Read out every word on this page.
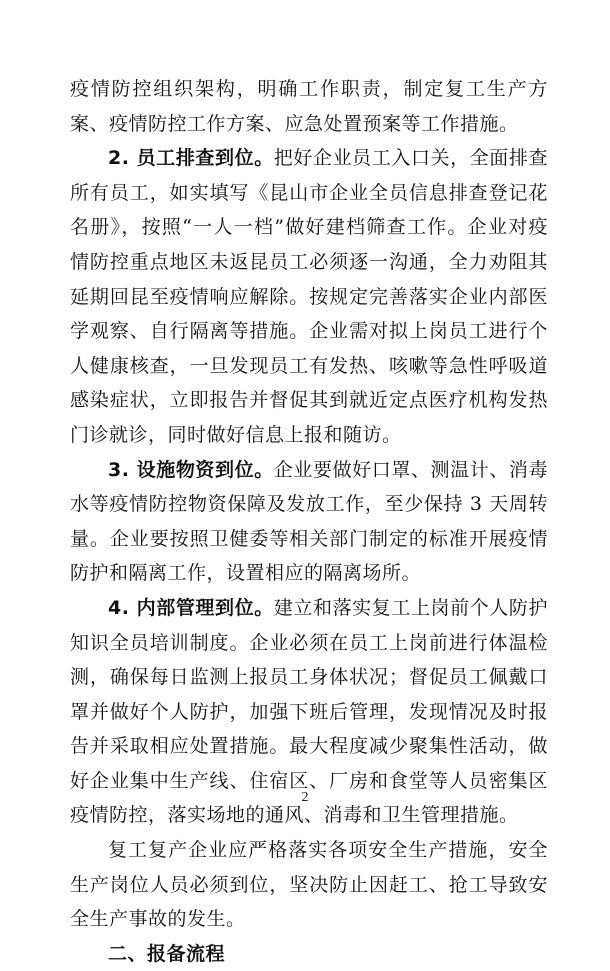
疫情防控组织架构，明确工作职责，制定复工生产方案、疫情防控工作方案、应急处置预案等工作措施。

2. 员工排查到位。把好企业员工入口关，全面排查所有员工，如实填写《昆山市企业全员信息排查登记花名册》，按照“一人一档”做好建档筛查工作。企业对疫情防控重点地区未返昆员工必须逐一沟通，全力劝阻其延期回昆至疫情响应解除。按规定完善落实企业内部医学观察、自行隔离等措施。企业需对拟上岗员工进行个人健康核查，一旦发现员工有发热、咳嗽等急性呼吸道感染症状，立即报告并督促其到就近定点医疗机构发热门诊就诊，同时做好信息上报和随访。

3. 设施物资到位。企业要做好口罩、测温计、消毒水等疫情防控物资保障及发放工作，至少保持 3 天周转量。企业要按照卫健委等相关部门制定的标准开展疫情防护和隔离工作，设置相应的隔离场所。

4. 内部管理到位。建立和落实复工上岗前个人防护知识全员培训制度。企业必须在员工上岗前进行体温检测，确保每日监测上报员工身体状况；督促员工佩戴口罩并做好个人防护，加强下班后管理，发现情况及时报告并采取相应处置措施。最大程度减少聚集性活动，做好企业集中生产线、住宿区、厂房和食堂等人员密集区疫情防控，落实场地的通风、消毒和卫生管理措施。

复工复产企业应严格落实各项安全生产措施，安全生产岗位人员必须到位，坚决防止因赶工、抢工导致安全生产事故的发生。

二、报备流程

2
